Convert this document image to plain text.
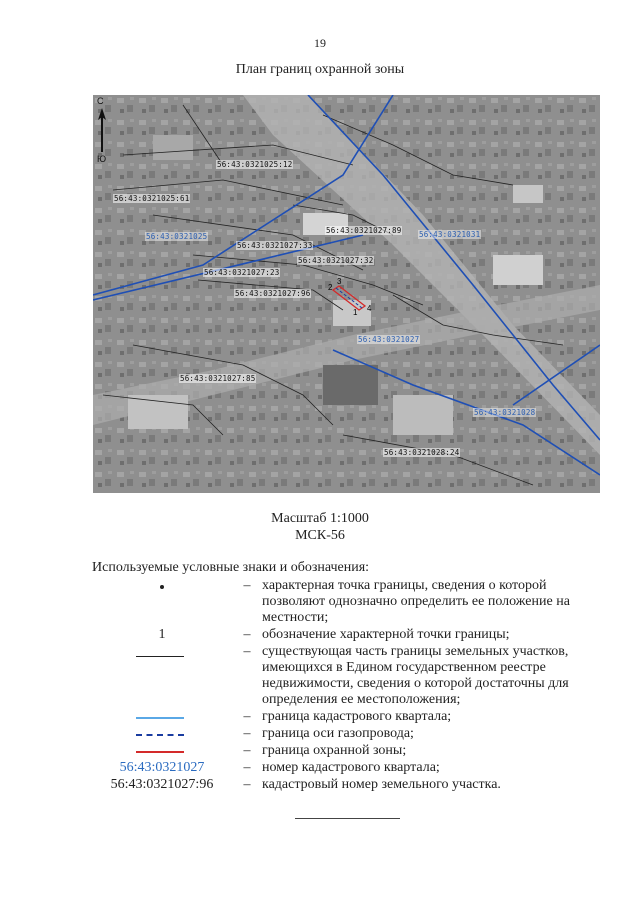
19
План границ охранной зоны
56:43:0321025:12
56:43:0321025:61
56:43:0321027:89
56:43:0321027:33
56:43:0321027:32
56:43:0321027:23
56:43:0321027:96
56:43:0321027:85
56:43:0321028:24
56:43:0321025	56:43:0321031
56:43:0321027
56:43:0321028
1
2
3
4
С
Ю
Масштаб 1:1000
МСК-56
Используемые условные знаки и обозначения:
– характерная точка границы, сведения о которой позволяют однозначно определить ее положение на местности;
1	– обозначение характерной точки границы;
– существующая часть границы земельных участков, имеющихся в Едином государственном реестре недвижимости, сведения о которой достаточны для определения ее местоположения;
– граница кадастрового квартала;
– граница оси газопровода;
– граница охранной зоны;
56:43:0321027	– номер кадастрового квартала;
56:43:0321027:96	– кадастровый номер земельного участка.
